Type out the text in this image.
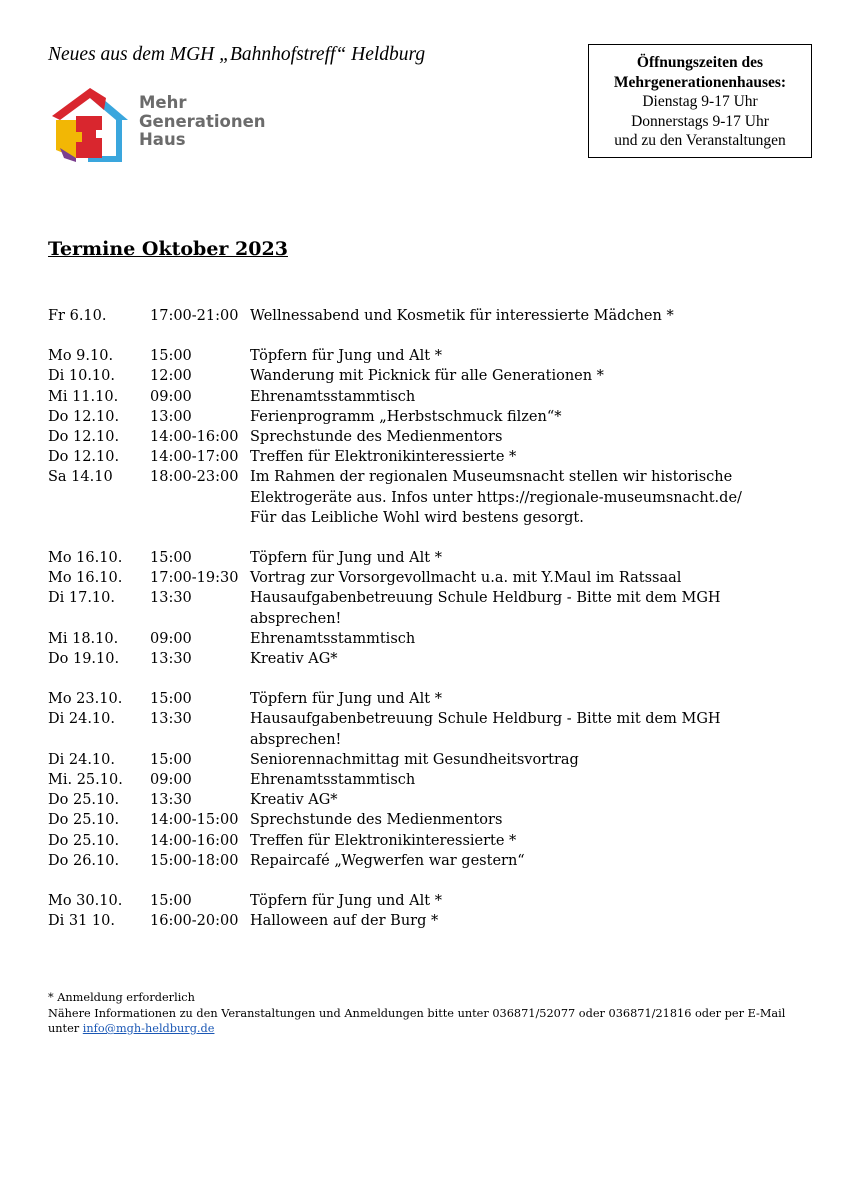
Neues aus dem MGH „Bahnhofstreff“ Heldburg
Mehr
Generationen
Haus
Öffnungszeiten des
Mehrgenerationenhauses:
Dienstag 9-17 Uhr
Donnerstags 9-17 Uhr
und zu den Veranstaltungen
Termine Oktober 2023
Fr 6.10.	17:00-21:00 Wellnessabend und Kosmetik für interessierte Mädchen *
Mo 9.10.	15:00	Töpfern für Jung und Alt *
Di 10.10.	12:00	Wanderung mit Picknick für alle Generationen *
Mi 11.10.	09:00	Ehrenamtsstammtisch
Do 12.10.	13:00	Ferienprogramm „Herbstschmuck filzen“*
Do 12.10.	14:00-16:00 Sprechstunde des Medienmentors
Do 12.10.	14:00-17:00 Treffen für Elektronikinteressierte *
Sa 14.10	18:00-23:00 Im Rahmen der regionalen Museumsnacht stellen wir historische
Elektrogeräte aus. Infos unter https://regionale-museumsnacht.de/
Für das Leibliche Wohl wird bestens gesorgt.
Mo 16.10.	15:00	Töpfern für Jung und Alt *
Mo 16.10.	17:00-19:30 Vortrag zur Vorsorgevollmacht u.a. mit Y.Maul im Ratssaal
Di 17.10.	13:30	Hausaufgabenbetreuung Schule Heldburg - Bitte mit dem MGH
absprechen!
Mi 18.10.	09:00	Ehrenamtsstammtisch
Do 19.10.	13:30	Kreativ AG*
Mo 23.10.	15:00	Töpfern für Jung und Alt *
Di 24.10.	13:30	Hausaufgabenbetreuung Schule Heldburg - Bitte mit dem MGH
absprechen!
Di 24.10.	15:00	Seniorennachmittag mit Gesundheitsvortrag
Mi. 25.10.	09:00	Ehrenamtsstammtisch
Do 25.10.	13:30	Kreativ AG*
Do 25.10.	14:00-15:00 Sprechstunde des Medienmentors
Do 25.10.	14:00-16:00 Treffen für Elektronikinteressierte *
Do 26.10.	15:00-18:00 Repaircafé „Wegwerfen war gestern“
Mo 30.10.	15:00	Töpfern für Jung und Alt *
Di 31 10.	16:00-20:00 Halloween auf der Burg *
* Anmeldung erforderlich
Nähere Informationen zu den Veranstaltungen und Anmeldungen bitte unter 036871/52077 oder 036871/21816 oder per E-Mail
unter info@mgh-heldburg.de
